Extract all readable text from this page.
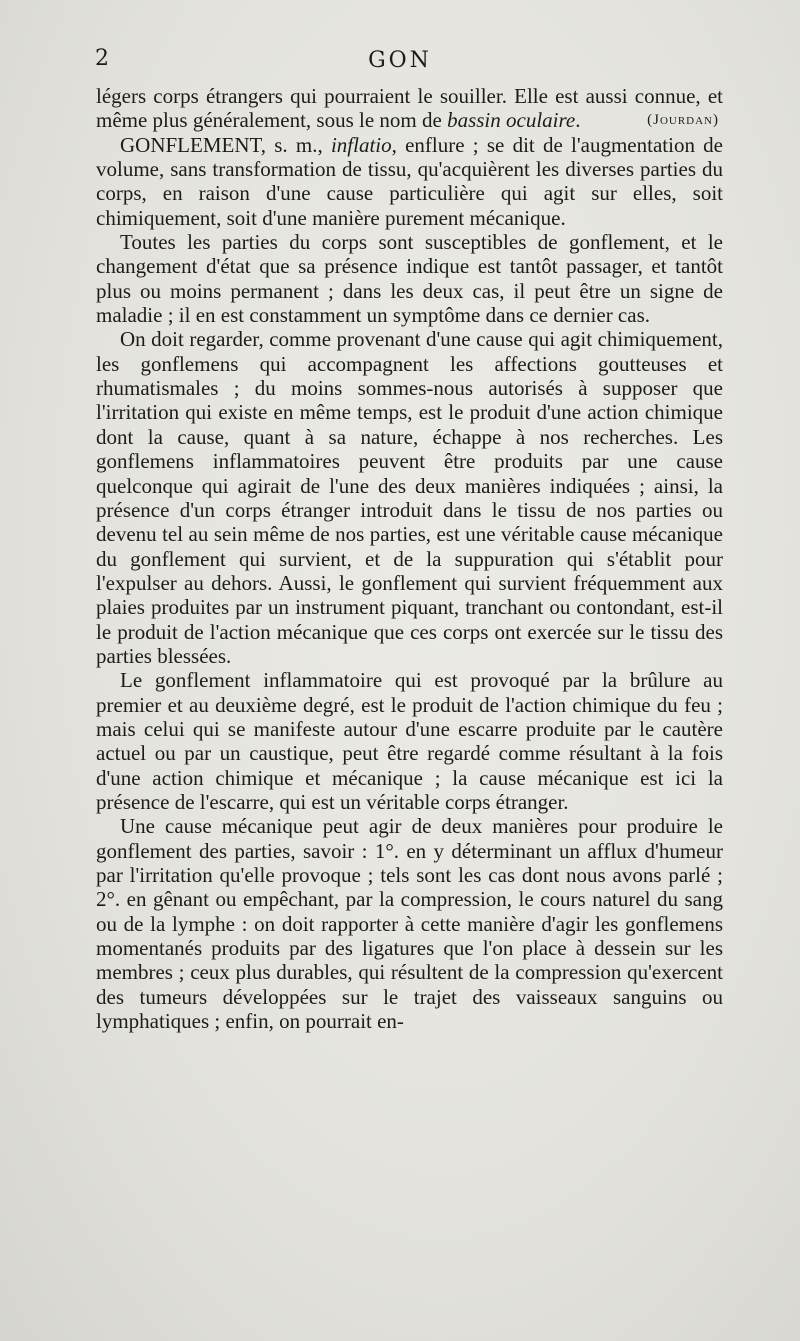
2	GON

légers corps étrangers qui pourraient le souiller. Elle est aussi connue, et même plus généralement, sous le nom de bassin oculaire.	(Jourdan)

GONFLEMENT, s. m., inflatio, enflure ; se dit de l'augmentation de volume, sans transformation de tissu, qu'acquièrent les diverses parties du corps, en raison d'une cause particulière qui agit sur elles, soit chimiquement, soit d'une manière purement mécanique.

Toutes les parties du corps sont susceptibles de gonflement, et le changement d'état que sa présence indique est tantôt passager, et tantôt plus ou moins permanent ; dans les deux cas, il peut être un signe de maladie ; il en est constamment un symptôme dans ce dernier cas.

On doit regarder, comme provenant d'une cause qui agit chimiquement, les gonflemens qui accompagnent les affections goutteuses et rhumatismales ; du moins sommes-nous autorisés à supposer que l'irritation qui existe en même temps, est le produit d'une action chimique dont la cause, quant à sa nature, échappe à nos recherches. Les gonflemens inflammatoires peuvent être produits par une cause quelconque qui agirait de l'une des deux manières indiquées ; ainsi, la présence d'un corps étranger introduit dans le tissu de nos parties ou devenu tel au sein même de nos parties, est une véritable cause mécanique du gonflement qui survient, et de la suppuration qui s'établit pour l'expulser au dehors. Aussi, le gonflement qui survient fréquemment aux plaies produites par un instrument piquant, tranchant ou contondant, est-il le produit de l'action mécanique que ces corps ont exercée sur le tissu des parties blessées.

Le gonflement inflammatoire qui est provoqué par la brûlure au premier et au deuxième degré, est le produit de l'action chimique du feu ; mais celui qui se manifeste autour d'une escarre produite par le cautère actuel ou par un caustique, peut être regardé comme résultant à la fois d'une action chimique et mécanique ; la cause mécanique est ici la présence de l'escarre, qui est un véritable corps étranger.

Une cause mécanique peut agir de deux manières pour produire le gonflement des parties, savoir : 1°. en y déterminant un afflux d'humeur par l'irritation qu'elle provoque ; tels sont les cas dont nous avons parlé ; 2°. en gênant ou empêchant, par la compression, le cours naturel du sang ou de la lymphe : on doit rapporter à cette manière d'agir les gonflemens momentanés produits par des ligatures que l'on place à dessein sur les membres ; ceux plus durables, qui résultent de la compression qu'exercent des tumeurs développées sur le trajet des vaisseaux sanguins ou lymphatiques ; enfin, on pourrait en-
